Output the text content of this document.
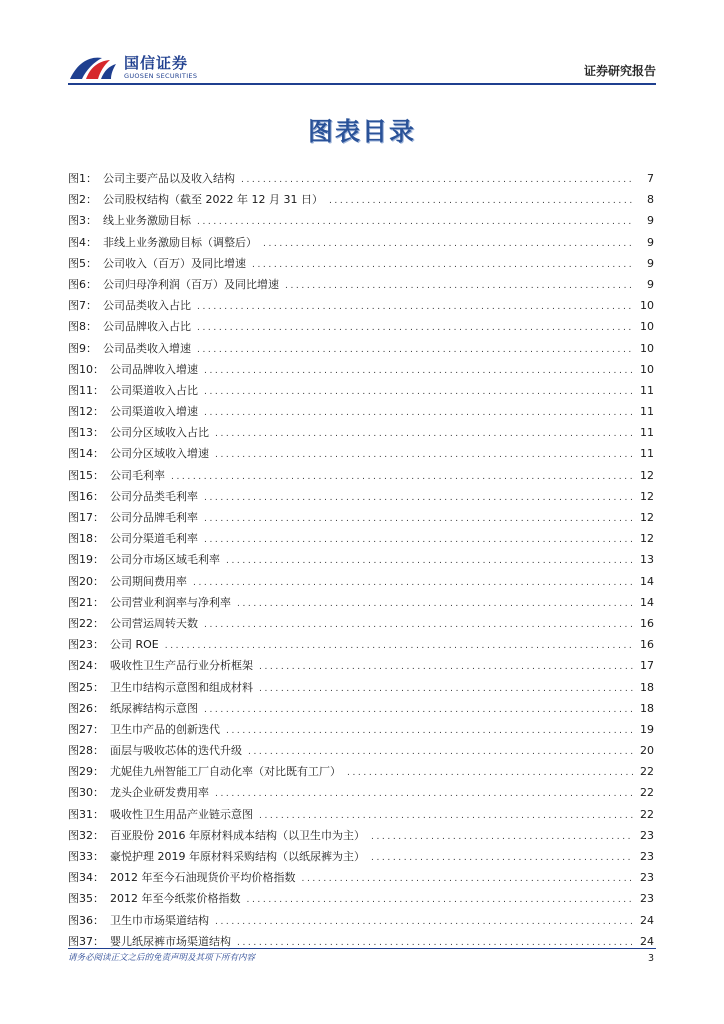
国信证券
GUOSEN SECURITIES	证券研究报告
图表目录
图1： 公司主要产品以及收入结构 .....	7
图2： 公司股权结构（截至 2022 年 12 月 31 日） .....	8
图3： 线上业务激励目标 .....	9
图4： 非线上业务激励目标（调整后） .....	9
图5： 公司收入（百万）及同比增速 .....	9
图6： 公司归母净利润（百万）及同比增速 .....	9
图7： 公司品类收入占比 .....	10
图8： 公司品牌收入占比 .....	10
图9： 公司品类收入增速 .....	10
图10： 公司品牌收入增速 .....	10
图11： 公司渠道收入占比 .....	11
图12： 公司渠道收入增速 .....	11
图13： 公司分区域收入占比 .....	11
图14： 公司分区域收入增速 .....	11
图15： 公司毛利率 .....	12
图16： 公司分品类毛利率 .....	12
图17： 公司分品牌毛利率 .....	12
图18： 公司分渠道毛利率 .....	12
图19： 公司分市场区域毛利率 .....	13
图20： 公司期间费用率 .....	14
图21： 公司营业利润率与净利率 .....	14
图22： 公司营运周转天数 .....	16
图23： 公司 ROE .....	16
图24： 吸收性卫生产品行业分析框架 .....	17
图25： 卫生巾结构示意图和组成材料 .....	18
图26： 纸尿裤结构示意图 .....	18
图27： 卫生巾产品的创新迭代 .....	19
图28： 面层与吸收芯体的迭代升级 .....	20
图29： 尤妮佳九州智能工厂自动化率（对比既有工厂） .....	22
图30： 龙头企业研发费用率 .....	22
图31： 吸收性卫生用品产业链示意图 .....	22
图32： 百亚股份 2016 年原材料成本结构（以卫生巾为主） .....	23
图33： 豪悦护理 2019 年原材料采购结构（以纸尿裤为主） .....	23
图34： 2012 年至今石油现货价平均价格指数 .....	23
图35： 2012 年至今纸浆价格指数 .....	23
图36： 卫生巾市场渠道结构 .....	24
图37： 婴儿纸尿裤市场渠道结构 .....	24
请务必阅读正文之后的免责声明及其项下所有内容	3
